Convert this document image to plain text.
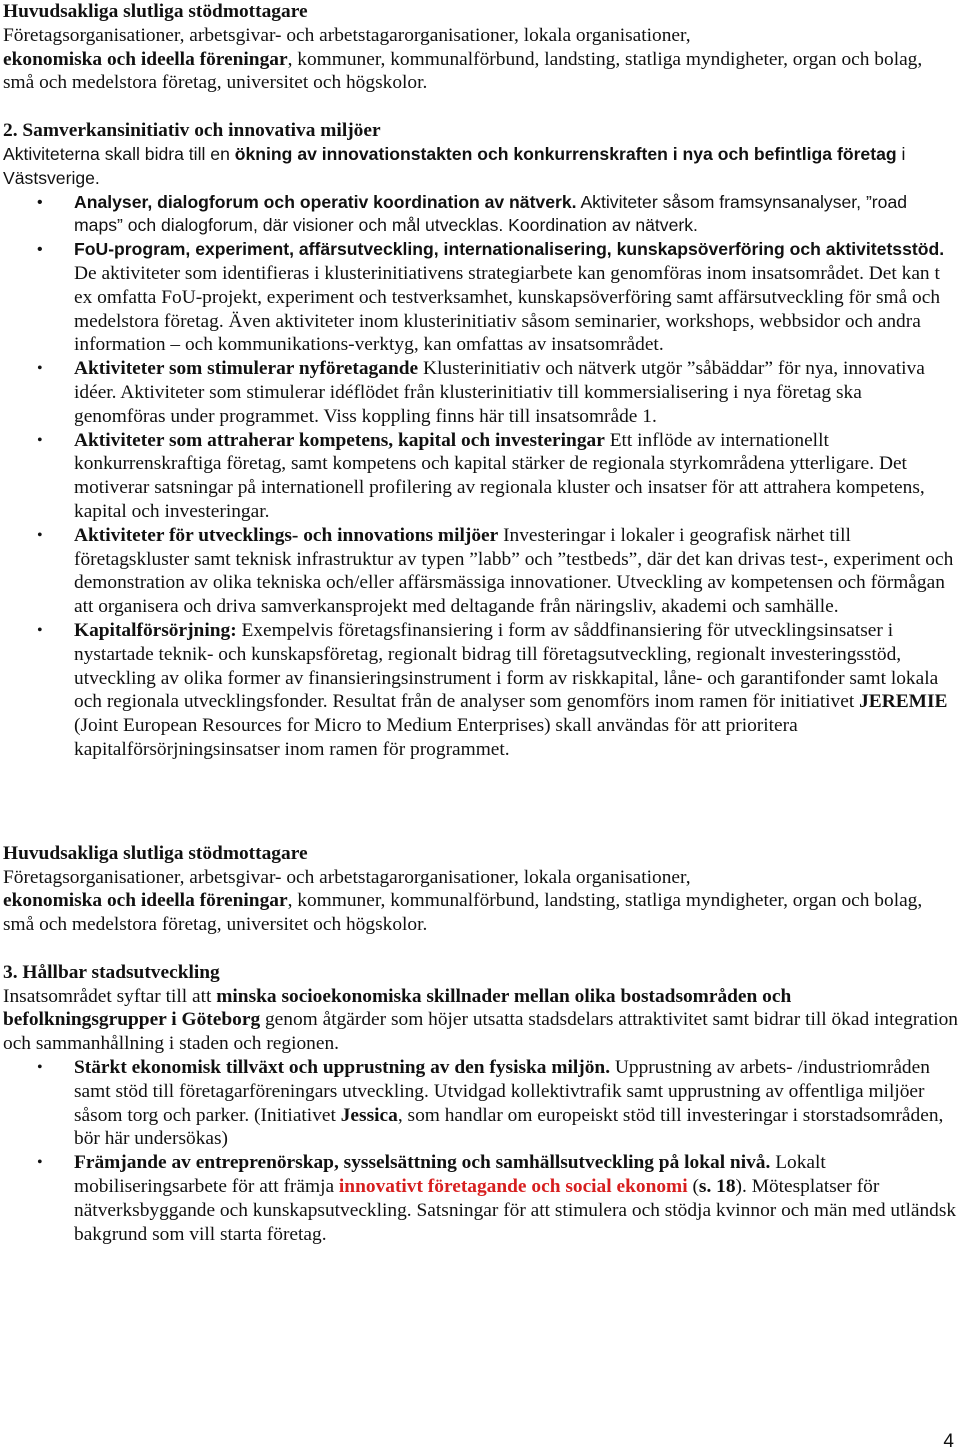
Huvudsakliga slutliga stödmottagare

Företagsorganisationer, arbetsgivar- och arbetstagarorganisationer, lokala organisationer,
ekonomiska och ideella föreningar, kommuner, kommunalförbund, landsting, statliga myndigheter, organ och bolag, små och medelstora företag, universitet och högskolor.

2. Samverkansinitiativ och innovativa miljöer

Aktiviteterna skall bidra till en ökning av innovationstakten och konkurrenskraften i nya och befintliga företag i Västsverige.

• Analyser, dialogforum och operativ koordination av nätverk. Aktiviteter såsom framsynsanalyser, ”road maps” och dialogforum, där visioner och mål utvecklas. Koordination av nätverk.
• FoU-program, experiment, affärsutveckling, internationalisering, kunskapsöverföring och aktivitetsstöd. De aktiviteter som identifieras i klusterinitiativens strategiarbete kan genomföras inom insatsområdet. Det kan t ex omfatta FoU-projekt, experiment och testverksamhet, kunskapsöverföring samt affärsutveckling för små och medelstora företag. Även aktiviteter inom klusterinitiativ såsom seminarier, workshops, webbsidor och andra information – och kommunikations-verktyg, kan omfattas av insatsområdet.
• Aktiviteter som stimulerar nyföretagande Klusterinitiativ och nätverk utgör ”såbäddar” för nya, innovativa idéer. Aktiviteter som stimulerar idéflödet från klusterinitiativ till kommersialisering i nya företag ska genomföras under programmet. Viss koppling finns här till insatsområde 1.
• Aktiviteter som attraherar kompetens, kapital och investeringar Ett inflöde av internationellt konkurrenskraftiga företag, samt kompetens och kapital stärker de regionala styrkområdena ytterligare. Det motiverar satsningar på internationell profilering av regionala kluster och insatser för att attrahera kompetens, kapital och investeringar.
• Aktiviteter för utvecklings- och innovations miljöer Investeringar i lokaler i geografisk närhet till företagskluster samt teknisk infrastruktur av typen ”labb” och ”testbeds”, där det kan drivas test-, experiment och demonstration av olika tekniska och/eller affärsmässiga innovationer. Utveckling av kompetensen och förmågan att organisera och driva samverkansprojekt med deltagande från näringsliv, akademi och samhälle.
• Kapitalförsörjning: Exempelvis företagsfinansiering i form av såddfinansiering för utvecklingsinsatser i nystartade teknik- och kunskapsföretag, regionalt bidrag till företagsutveckling, regionalt investeringsstöd, utveckling av olika former av finansieringsinstrument i form av riskkapital, låne- och garantifonder samt lokala och regionala utvecklingsfonder. Resultat från de analyser som genomförs inom ramen för initiativet JEREMIE (Joint European Resources for Micro to Medium Enterprises) skall användas för att prioritera kapitalförsörjningsinsatser inom ramen för programmet.

Huvudsakliga slutliga stödmottagare

Företagsorganisationer, arbetsgivar- och arbetstagarorganisationer, lokala organisationer,
ekonomiska och ideella föreningar, kommuner, kommunalförbund, landsting, statliga myndigheter, organ och bolag, små och medelstora företag, universitet och högskolor.

3. Hållbar stadsutveckling

Insatsområdet syftar till att minska socioekonomiska skillnader mellan olika bostadsområden och befolkningsgrupper i Göteborg genom åtgärder som höjer utsatta stadsdelars attraktivitet samt bidrar till ökad integration och sammanhållning i staden och regionen.

• Stärkt ekonomisk tillväxt och upprustning av den fysiska miljön. Upprustning av arbets- /industriområden samt stöd till företagarföreningars utveckling. Utvidgad kollektivtrafik samt upprustning av offentliga miljöer såsom torg och parker. (Initiativet Jessica, som handlar om europeiskt stöd till investeringar i storstadsområden, bör här undersökas)
• Främjande av entreprenörskap, sysselsättning och samhällsutveckling på lokal nivå. Lokalt mobiliseringsarbete för att främja innovativt företagande och social ekonomi (s. 18). Mötesplatser för nätverksbyggande och kunskapsutveckling. Satsningar för att stimulera och stödja kvinnor och män med utländsk bakgrund som vill starta företag.
4
